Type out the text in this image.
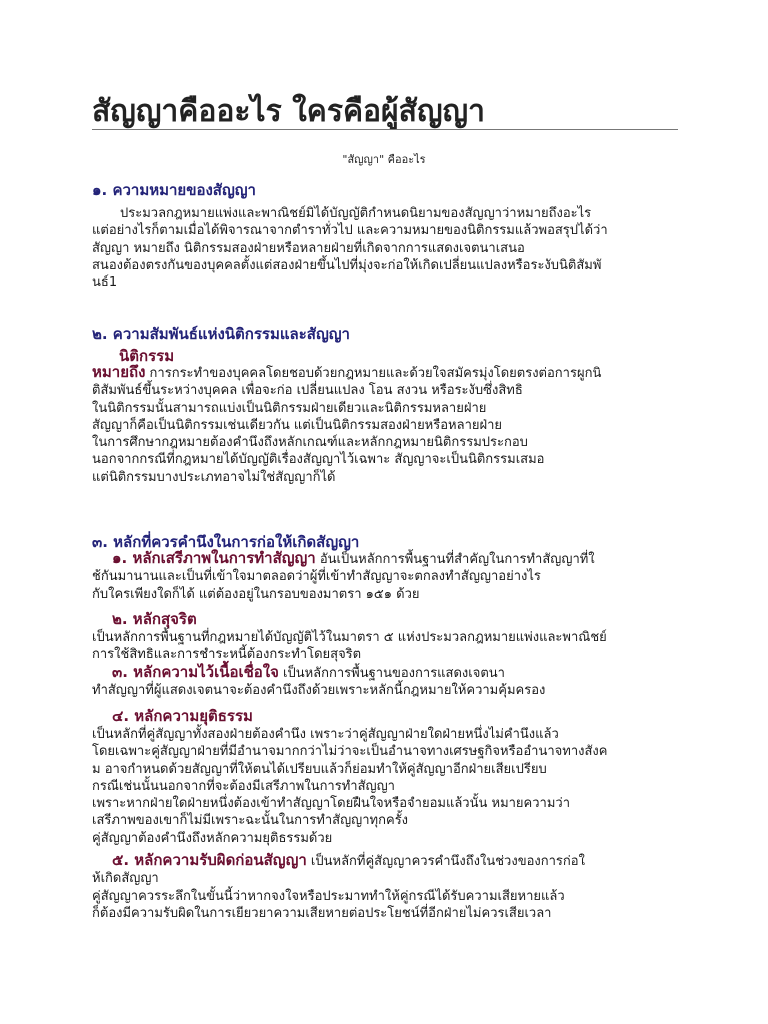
สัญญาคืออะไร ใครคือผู้สัญญา
"สัญญา" คืออะไร
๑. ความหมายของสัญญา
ประมวลกฎหมายแพ่งและพาณิชย์มิได้บัญญัติกำหนดนิยามของสัญญาว่าหมายถึงอะไร
แต่อย่างไรก็ตามเมื่อได้พิจารณาจากตำราทั่วไป และความหมายของนิติกรรมแล้วพอสรุปได้ว่า
สัญญา หมายถึง นิติกรรมสองฝ่ายหรือหลายฝ่ายที่เกิดจากการแสดงเจตนาเสนอ
สนองต้องตรงกันของบุคคลตั้งแต่สองฝ่ายขึ้นไปที่มุ่งจะก่อให้เกิดเปลี่ยนแปลงหรือระงับนิติสัมพั
นธ์1
๒. ความสัมพันธ์แห่งนิติกรรมและสัญญา
นิติกรรม
หมายถึง การกระทำของบุคคลโดยชอบด้วยกฎหมายและด้วยใจสมัครมุ่งโดยตรงต่อการผูกนิ
ติสัมพันธ์ขึ้นระหว่างบุคคล เพื่อจะก่อ เปลี่ยนแปลง โอน สงวน หรือระงับซึ่งสิทธิ
ในนิติกรรมนั้นสามารถแบ่งเป็นนิติกรรมฝ่ายเดียวและนิติกรรมหลายฝ่าย
สัญญาก็คือเป็นนิติกรรมเช่นเดียวกัน แต่เป็นนิติกรรมสองฝ่ายหรือหลายฝ่าย
ในการศึกษากฎหมายต้องคำนึงถึงหลักเกณฑ์และหลักกฎหมายนิติกรรมประกอบ
นอกจากกรณีที่กฎหมายได้บัญญัติเรื่องสัญญาไว้เฉพาะ สัญญาจะเป็นนิติกรรมเสมอ
แต่นิติกรรมบางประเภทอาจไม่ใช่สัญญาก็ได้
๓. หลักที่ควรคำนึงในการก่อให้เกิดสัญญา
๑. หลักเสรีภาพในการทำสัญญา อันเป็นหลักการพื้นฐานที่สำคัญในการทำสัญญาที่ใ
ช้กันมานานและเป็นที่เข้าใจมาตลอดว่าผู้ที่เข้าทำสัญญาจะตกลงทำสัญญาอย่างไร
กับใครเพียงใดก็ได้ แต่ต้องอยู่ในกรอบของมาตรา ๑๕๑ ด้วย
๒. หลักสุจริต
เป็นหลักการพื้นฐานที่กฎหมายได้บัญญัติไว้ในมาตรา ๕ แห่งประมวลกฎหมายแพ่งและพาณิชย์
การใช้สิทธิและการชำระหนี้ต้องกระทำโดยสุจริต
๓. หลักความไว้เนื้อเชื่อใจ เป็นหลักการพื้นฐานของการแสดงเจตนา
ทำสัญญาที่ผู้แสดงเจตนาจะต้องคำนึงถึงด้วยเพราะหลักนี้กฎหมายให้ความคุ้มครอง
๔. หลักความยุติธรรม
เป็นหลักที่คู่สัญญาทั้งสองฝ่ายต้องคำนึง เพราะว่าคู่สัญญาฝ่ายใดฝ่ายหนึ่งไม่คำนึงแล้ว
โดยเฉพาะคู่สัญญาฝ่ายที่มีอำนาจมากกว่าไม่ว่าจะเป็นอำนาจทางเศรษฐกิจหรืออำนาจทางสังค
ม อาจกำหนดด้วยสัญญาที่ให้ตนได้เปรียบแล้วก็ย่อมทำให้คู่สัญญาอีกฝ่ายเสียเปรียบ
กรณีเช่นนั้นนอกจากที่จะต้องมีเสรีภาพในการทำสัญญา
เพราะหากฝ่ายใดฝ่ายหนึ่งต้องเข้าทำสัญญาโดยฝืนใจหรือจำยอมแล้วนั้น หมายความว่า
เสรีภาพของเขาก็ไม่มีเพราะฉะนั้นในการทำสัญญาทุกครั้ง
คู่สัญญาต้องคำนึงถึงหลักความยุติธรรมด้วย
๕. หลักความรับผิดก่อนสัญญา เป็นหลักที่คู่สัญญาควรคำนึงถึงในช่วงของการก่อใ
ห้เกิดสัญญา
คู่สัญญาควรระลึกในขั้นนี้ว่าหากจงใจหรือประมาททำให้คู่กรณีได้รับความเสียหายแล้ว
ก็ต้องมีความรับผิดในการเยียวยาความเสียหายต่อประโยชน์ที่อีกฝ่ายไม่ควรเสียเวลา
